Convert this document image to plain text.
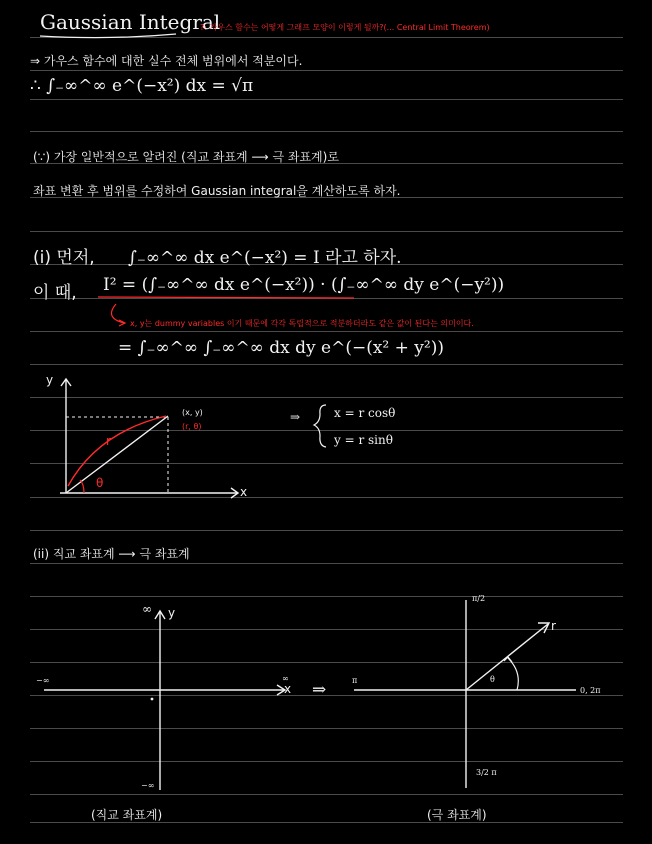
Gaussian Integral
?: 가우스 함수는 어떻게 그래프 모양이 이렇게 될까?(... Central Limit Theorem)
⇒ 가우스 함수에 대한 실수 전체 범위에서 적분이다.
∴ ∫₋∞^∞ e^(−x²) dx = √π
(∵) 가장 일반적으로 알려진 (직교 좌표계 ⟶ 극 좌표계)로
좌표 변환 후 범위를 수정하여 Gaussian integral을 계산하도록 하자.
(i) 먼저, ∫₋∞^∞ dx e^(−x²) = I 라고 하자.
이 때, I² = (∫₋∞^∞ dx e^(−x²)) · (∫₋∞^∞ dy e^(−y²))
x, y는 dummy variables 이기 때문에 각각 독립적으로 적분하더라도 같은 값이 된다는 의미이다.
= ∫₋∞^∞ ∫₋∞^∞ dx dy e^(−(x² + y²))
y
x
(x, y)
(r, θ)
r
θ
⇒	x = r cosθ
y = r sinθ
(ii) 직교 좌표계 ⟶ 극 좌표계
∞ y
−∞	∞
x
−∞
⇒
(직교 좌표계)
π/2
π
0, 2π
3/2 π
r
θ
(극 좌표계)
